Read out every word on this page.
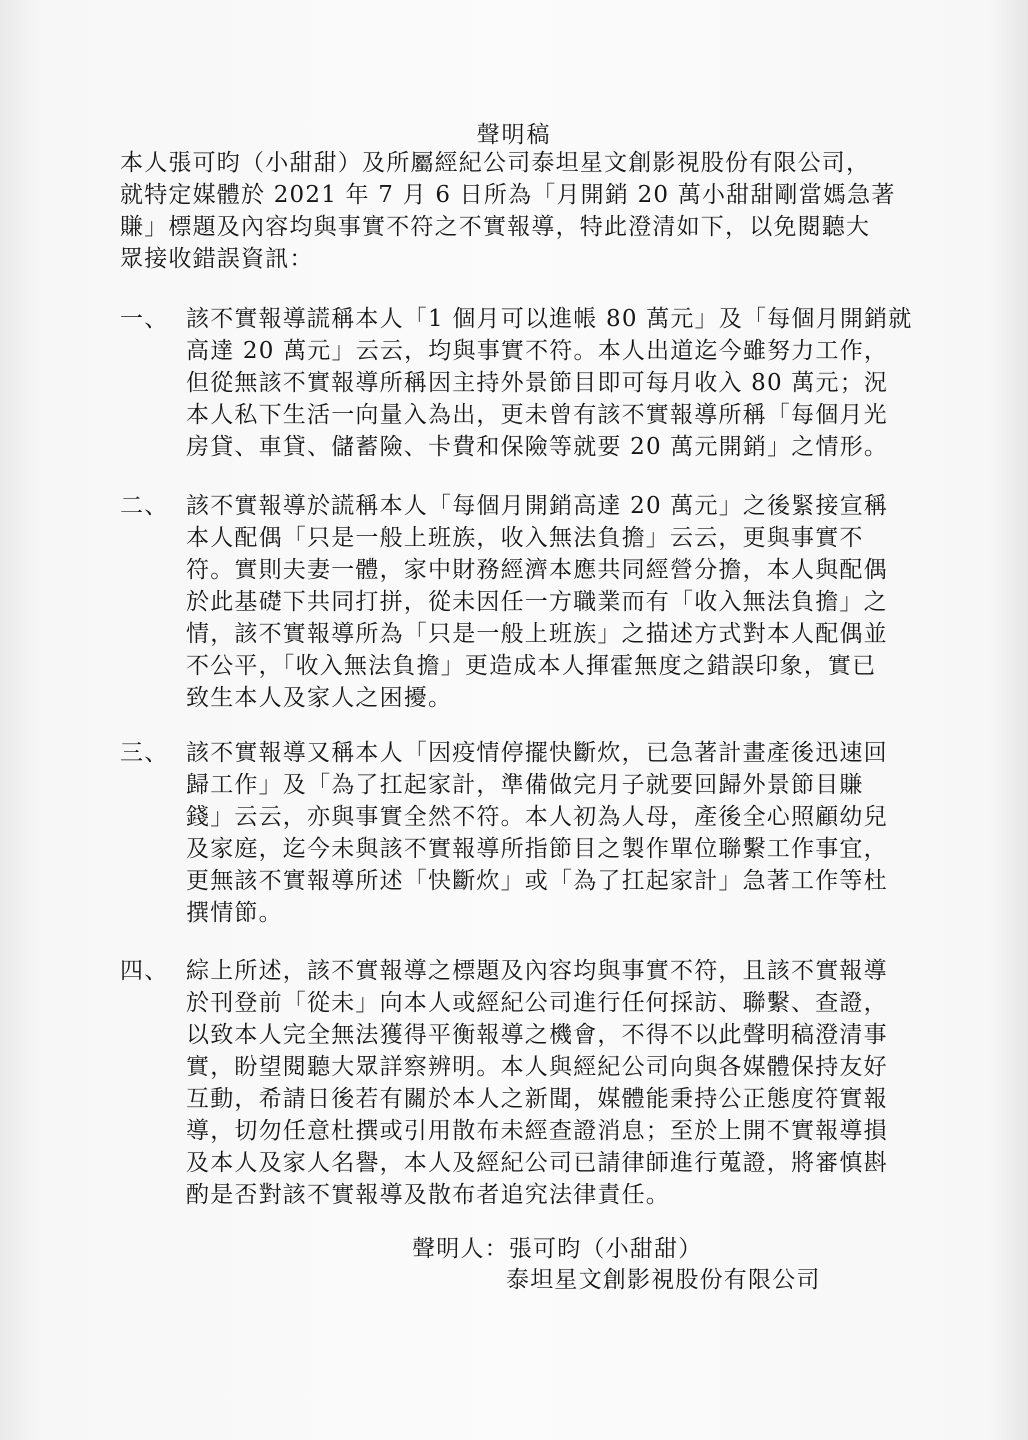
聲明稿
本人張可昀（小甜甜）及所屬經紀公司泰坦星文創影視股份有限公司，
就特定媒體於 2021 年 7 月 6 日所為「月開銷 20 萬小甜甜剛當媽急著
賺」標題及內容均與事實不符之不實報導，特此澄清如下，以免閱聽大
眾接收錯誤資訊：
一、 該不實報導謊稱本人「1 個月可以進帳 80 萬元」及「每個月開銷就
高達 20 萬元」云云，均與事實不符。本人出道迄今雖努力工作，
但從無該不實報導所稱因主持外景節目即可每月收入 80 萬元；況
本人私下生活一向量入為出，更未曾有該不實報導所稱「每個月光
房貸、車貸、儲蓄險、卡費和保險等就要 20 萬元開銷」之情形。
二、 該不實報導於謊稱本人「每個月開銷高達 20 萬元」之後緊接宣稱
本人配偶「只是一般上班族，收入無法負擔」云云，更與事實不
符。實則夫妻一體，家中財務經濟本應共同經營分擔，本人與配偶
於此基礎下共同打拼，從未因任一方職業而有「收入無法負擔」之
情，該不實報導所為「只是一般上班族」之描述方式對本人配偶並
不公平，「收入無法負擔」更造成本人揮霍無度之錯誤印象，實已
致生本人及家人之困擾。
三、 該不實報導又稱本人「因疫情停擺快斷炊，已急著計畫產後迅速回
歸工作」及「為了扛起家計，準備做完月子就要回歸外景節目賺
錢」云云，亦與事實全然不符。本人初為人母，產後全心照顧幼兒
及家庭，迄今未與該不實報導所指節目之製作單位聯繫工作事宜，
更無該不實報導所述「快斷炊」或「為了扛起家計」急著工作等杜
撰情節。
四、 綜上所述，該不實報導之標題及內容均與事實不符，且該不實報導
於刊登前「從未」向本人或經紀公司進行任何採訪、聯繫、查證，
以致本人完全無法獲得平衡報導之機會，不得不以此聲明稿澄清事
實，盼望閱聽大眾詳察辨明。本人與經紀公司向與各媒體保持友好
互動，希請日後若有關於本人之新聞，媒體能秉持公正態度符實報
導，切勿任意杜撰或引用散布未經查證消息；至於上開不實報導損
及本人及家人名譽，本人及經紀公司已請律師進行蒐證，將審慎斟
酌是否對該不實報導及散布者追究法律責任。
聲明人：張可昀（小甜甜）
泰坦星文創影視股份有限公司
